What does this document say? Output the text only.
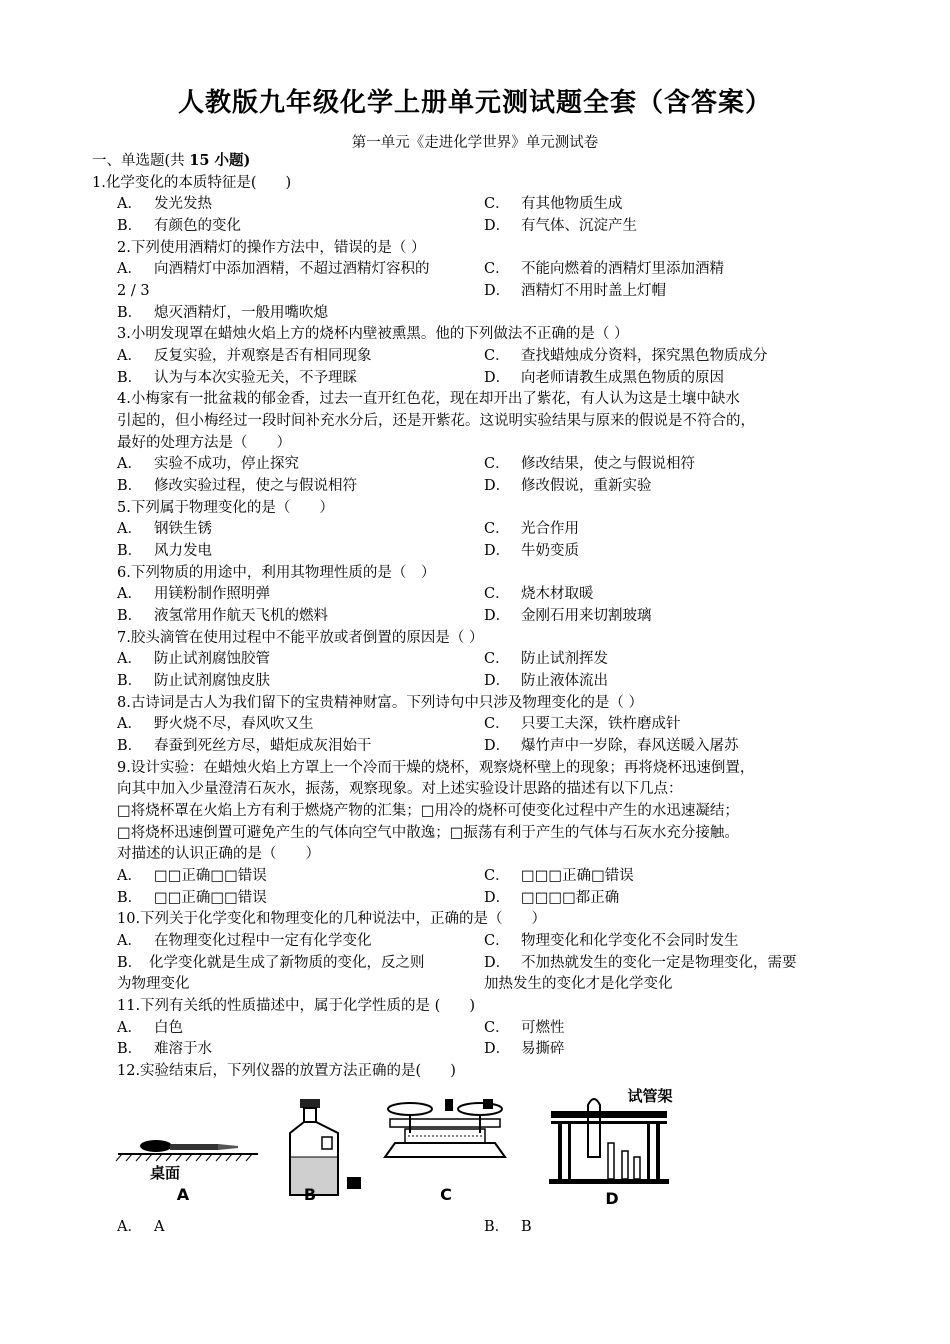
人教版九年级化学上册单元测试题全套（含答案）
第一单元《走进化学世界》单元测试卷
一、单选题(共 15 小题)
1.化学变化的本质特征是(　　)
A． 发光发热	C． 有其他物质生成
B． 有颜色的变化	D． 有气体、沉淀产生
2.下列使用酒精灯的操作方法中，错误的是（ ）
A． 向酒精灯中添加酒精，不超过酒精灯容积的	C． 不能向燃着的酒精灯里添加酒精
2 / 3	D． 酒精灯不用时盖上灯帽
B． 熄灭酒精灯，一般用嘴吹熄
3.小明发现罩在蜡烛火焰上方的烧杯内壁被熏黑。他的下列做法不正确的是（ ）
A． 反复实验，并观察是否有相同现象	C． 查找蜡烛成分资料，探究黑色物质成分
B． 认为与本次实验无关，不予理睬	D． 向老师请教生成黑色物质的原因
4.小梅家有一批盆栽的郁金香，过去一直开红色花，现在却开出了紫花，有人认为这是土壤中缺水
引起的，但小梅经过一段时间补充水分后，还是开紫花。这说明实验结果与原来的假说是不符合的，
最好的处理方法是（　　）
A． 实验不成功，停止探究	C． 修改结果，使之与假说相符
B． 修改实验过程，使之与假说相符	D． 修改假说，重新实验
5.下列属于物理变化的是（　　）
A． 钢铁生锈	C． 光合作用
B． 风力发电	D． 牛奶变质
6.下列物质的用途中，利用其物理性质的是（　）
A． 用镁粉制作照明弹	C． 烧木材取暖
B． 液氢常用作航天飞机的燃料	D． 金刚石用来切割玻璃
7.胶头滴管在使用过程中不能平放或者倒置的原因是（ ）
A． 防止试剂腐蚀胶管	C． 防止试剂挥发
B． 防止试剂腐蚀皮肤	D． 防止液体流出
8.古诗词是古人为我们留下的宝贵精神财富。下列诗句中只涉及物理变化的是（ ）
A． 野火烧不尽，春风吹又生	C． 只要工夫深，铁杵磨成针
B． 春蚕到死丝方尽，蜡炬成灰泪始干	D． 爆竹声中一岁除，春风送暖入屠苏
9.设计实验：在蜡烛火焰上方罩上一个冷而干燥的烧杯，观察烧杯壁上的现象；再将烧杯迅速倒置，
向其中加入少量澄清石灰水，振荡，观察现象。对上述实验设计思路的描述有以下几点：
□将烧杯罩在火焰上方有利于燃烧产物的汇集；□用冷的烧杯可使变化过程中产生的水迅速凝结；
□将烧杯迅速倒置可避免产生的气体向空气中散逸；□振荡有利于产生的气体与石灰水充分接触。
对描述的认识正确的是（　　）
A． □□正确□□错误	C． □□□正确□错误
B． □□正确□□错误	D． □□□□都正确
10.下列关于化学变化和物理变化的几种说法中，正确的是（　　）
A． 在物理变化过程中一定有化学变化	C． 物理变化和化学变化不会同时发生
B． 化学变化就是生成了新物质的变化，反之则	D． 不加热就发生的变化一定是物理变化，需要
为物理变化	加热发生的变化才是化学变化
11.下列有关纸的性质描述中，属于化学性质的是 (　　)
A． 白色	C． 可燃性
B． 难溶于水	D． 易撕碎
12.实验结束后，下列仪器的放置方法正确的是(　　)
桌面
A	B	C
试管架
D
A． A	B． B
